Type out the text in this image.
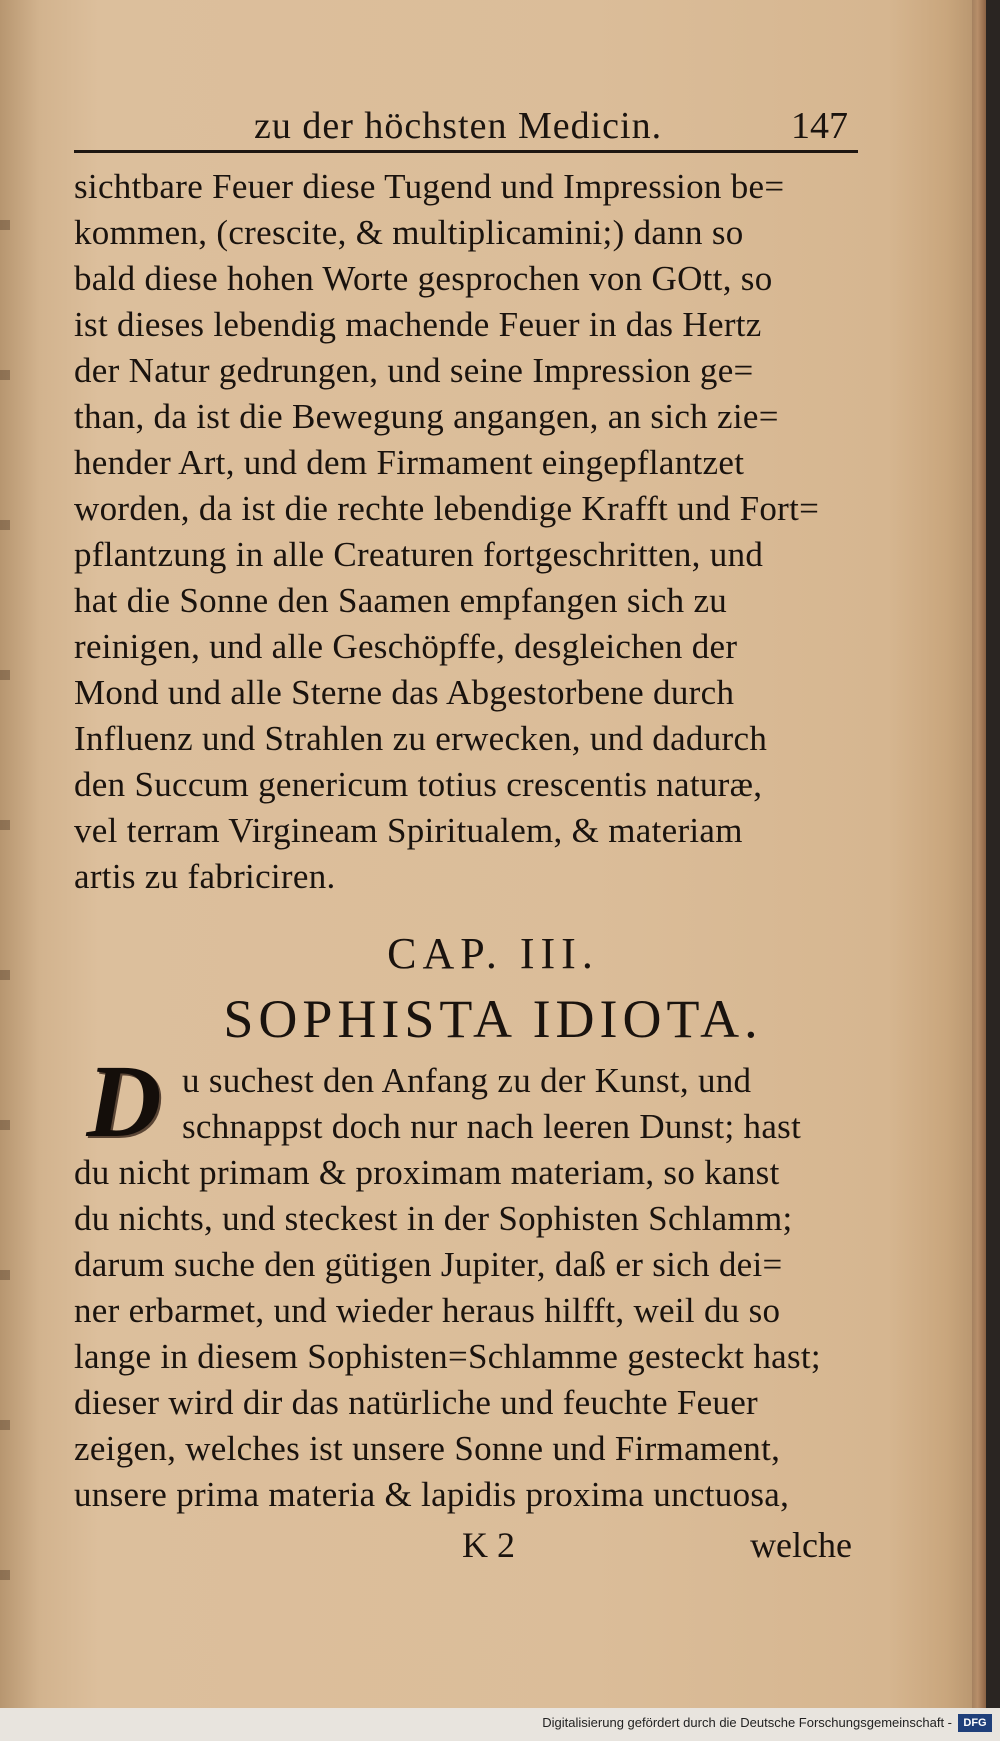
zu der höchsten Medicin.	147
sichtbare Feuer diese Tugend und Impression be=
kommen, (crescite, & multiplicamini;) dann so
bald diese hohen Worte gesprochen von GOtt, so
ist dieses lebendig machende Feuer in das Hertz
der Natur gedrungen, und seine Impression ge=
than, da ist die Bewegung angangen, an sich zie=
hender Art, und dem Firmament eingepflantzet
worden, da ist die rechte lebendige Krafft und Fort=
pflantzung in alle Creaturen fortgeschritten, und
hat die Sonne den Saamen empfangen sich zu
reinigen, und alle Geschöpffe, desgleichen der
Mond und alle Sterne das Abgestorbene durch
Influenz und Strahlen zu erwecken, und dadurch
den Succum genericum totius crescentis naturæ,
vel terram Virgineam Spiritualem, & materiam
artis zu fabriciren.
CAP. III.
SOPHISTA IDIOTA.
D u suchest den Anfang zu der Kunst, und
schnappst doch nur nach leeren Dunst; hast
du nicht primam & proximam materiam, so kanst
du nichts, und steckest in der Sophisten Schlamm;
darum suche den gütigen Jupiter, daß er sich dei=
ner erbarmet, und wieder heraus hilfft, weil du so
lange in diesem Sophisten=Schlamme gesteckt hast;
dieser wird dir das natürliche und feuchte Feuer
zeigen, welches ist unsere Sonne und Firmament,
unsere prima materia & lapidis proxima unctuosa,
K 2	welche
Digitalisierung gefördert durch die Deutsche Forschungsgemeinschaft -	DFG
